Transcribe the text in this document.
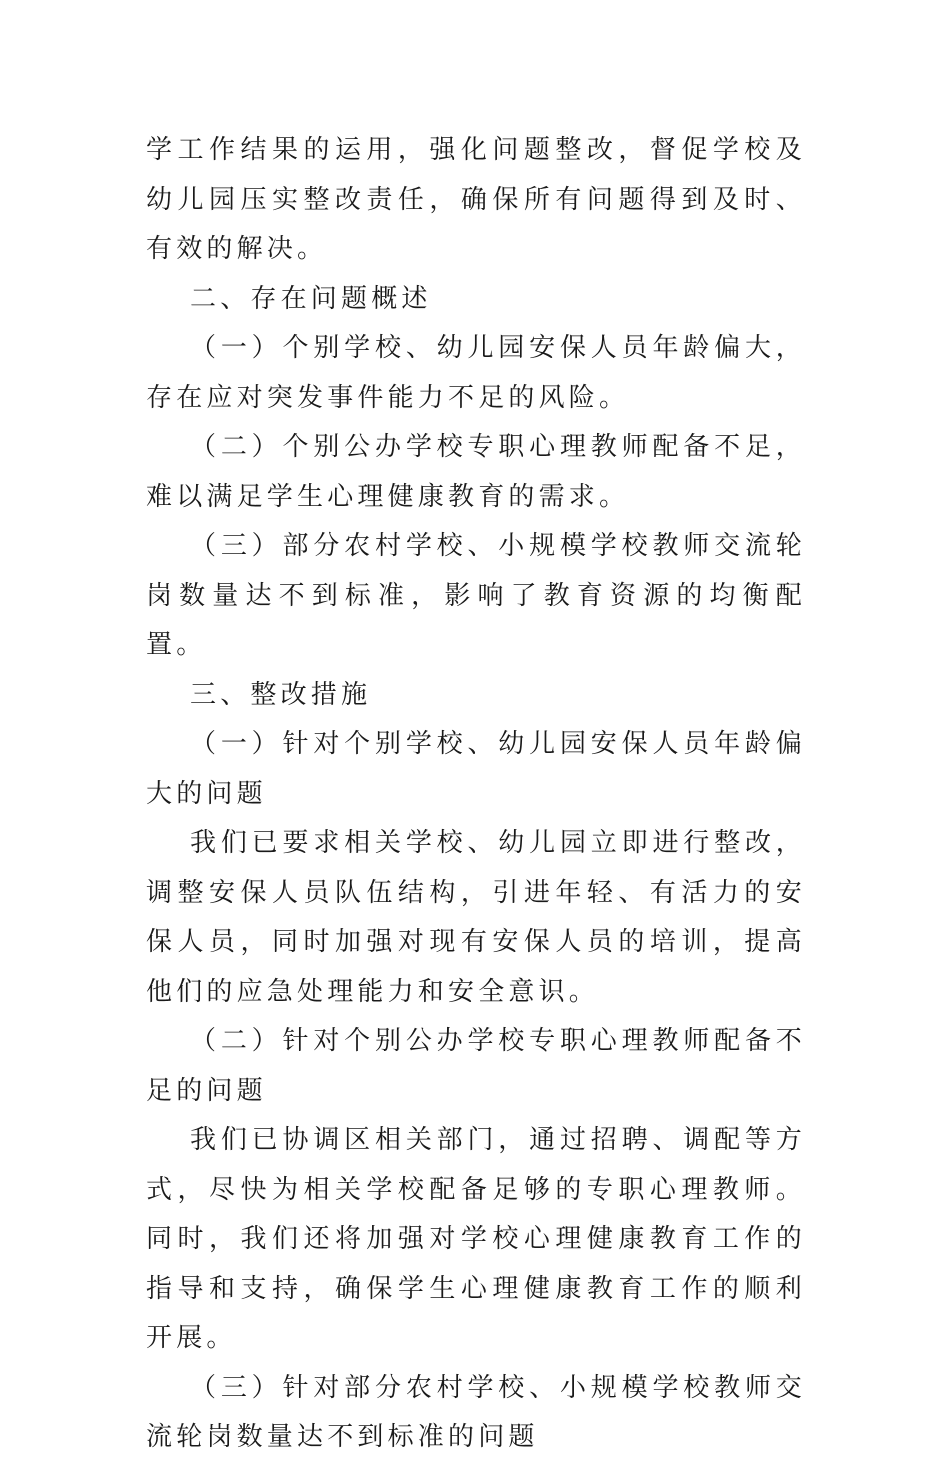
学工作结果的运用，强化问题整改，督促学校及幼儿园压实整改责任，确保所有问题得到及时、有效的解决。

二、存在问题概述

（一）个别学校、幼儿园安保人员年龄偏大，存在应对突发事件能力不足的风险。

（二）个别公办学校专职心理教师配备不足，难以满足学生心理健康教育的需求。

（三）部分农村学校、小规模学校教师交流轮岗数量达不到标准，影响了教育资源的均衡配置。

三、整改措施

（一）针对个别学校、幼儿园安保人员年龄偏大的问题

我们已要求相关学校、幼儿园立即进行整改，调整安保人员队伍结构，引进年轻、有活力的安保人员，同时加强对现有安保人员的培训，提高他们的应急处理能力和安全意识。

（二）针对个别公办学校专职心理教师配备不足的问题

我们已协调区相关部门，通过招聘、调配等方式，尽快为相关学校配备足够的专职心理教师。同时，我们还将加强对学校心理健康教育工作的指导和支持，确保学生心理健康教育工作的顺利开展。

（三）针对部分农村学校、小规模学校教师交流轮岗数量达不到标准的问题
